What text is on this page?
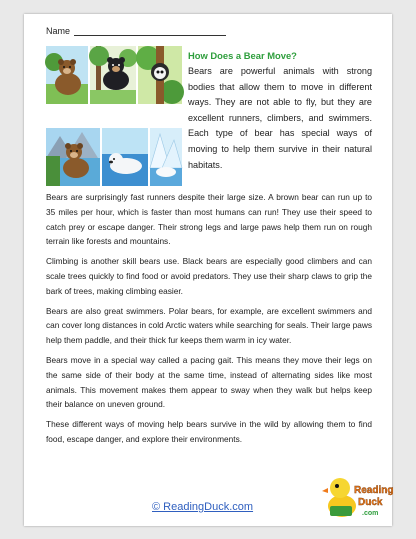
Name
How Does a Bear Move?

Bears are powerful animals with strong bodies that allow them to move in different ways. They are not able to fly, but they are excellent runners, climbers, and swimmers. Each type of bear has special ways of moving to help them survive in their natural habitats.

Bears are surprisingly fast runners despite their large size. A brown bear can run up to 35 miles per hour, which is faster than most humans can run! They use their speed to catch prey or escape danger. Their strong legs and large paws help them run on rough terrain like forests and mountains.

Climbing is another skill bears use. Black bears are especially good climbers and can scale trees quickly to find food or avoid predators. They use their sharp claws to grip the bark of trees, making climbing easier.

Bears are also great swimmers. Polar bears, for example, are excellent swimmers and can cover long distances in cold Arctic waters while searching for seals. Their large paws help them paddle, and their thick fur keeps them warm in icy water.

Bears move in a special way called a pacing gait. This means they move their legs on the same side of their body at the same time, instead of alternating sides like most animals. This movement makes them appear to sway when they walk but helps keep their balance on uneven ground.

These different ways of moving help bears survive in the wild by allowing them to find food, escape danger, and explore their environments.

© ReadingDuck.com
Reading
Duck
.com
